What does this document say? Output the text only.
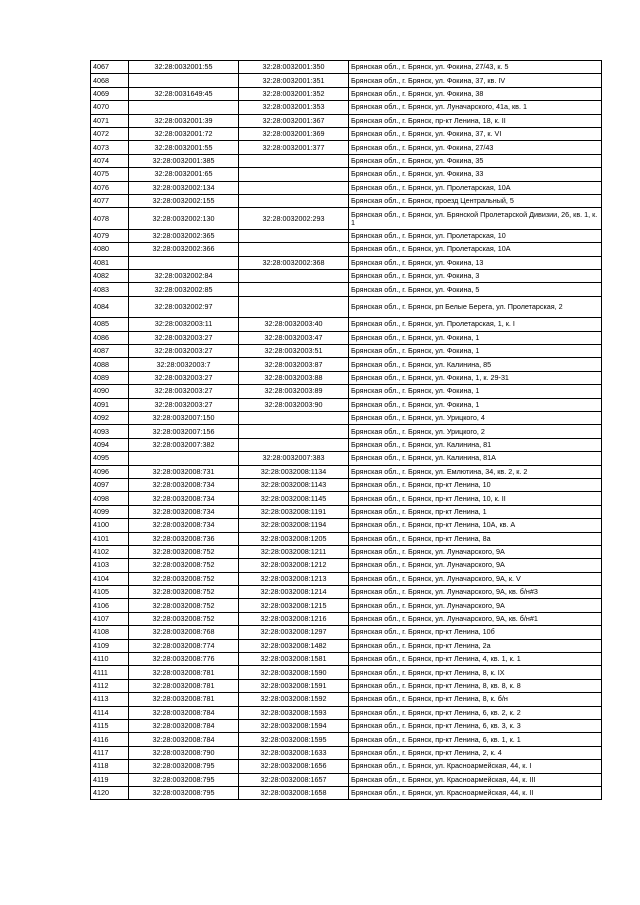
4067	32:28:0032001:55	32:28:0032001:350	Брянская обл., г. Брянск, ул. Фокина, 27/43, к. 5
4068		32:28:0032001:351	Брянская обл., г. Брянск, ул. Фокина, 37, кв. IV
4069	32:28:0031649:45	32:28:0032001:352	Брянская обл., г. Брянск, ул. Фокина, 38
4070		32:28:0032001:353	Брянская обл., г. Брянск, ул. Луначарского, 41а, кв. 1
4071	32:28:0032001:39	32:28:0032001:367	Брянская обл., г. Брянск, пр-кт Ленина, 18, к. II
4072	32:28:0032001:72	32:28:0032001:369	Брянская обл., г. Брянск, ул. Фокина, 37, к. VI
4073	32:28:0032001:55	32:28:0032001:377	Брянская обл., г. Брянск, ул. Фокина, 27/43
4074	32:28:0032001:385		Брянская обл., г. Брянск, ул. Фокина, 35
4075	32:28:0032001:65		Брянская обл., г. Брянск, ул. Фокина, 33
4076	32:28:0032002:134		Брянская обл., г. Брянск, ул. Пролетарская, 10А
4077	32:28:0032002:155		Брянская обл., г. Брянск, проезд Центральный, 5
4078	32:28:0032002:130	32:28:0032002:293	Брянская обл., г. Брянск, ул. Брянской Пролетарской Дивизии, 26, кв. 1, к. 1
4079	32:28:0032002:365		Брянская обл., г. Брянск, ул. Пролетарская, 10
4080	32:28:0032002:366		Брянская обл., г. Брянск, ул. Пролетарская, 10А
4081		32:28:0032002:368	Брянская обл., г. Брянск, ул. Фокина, 13
4082	32:28:0032002:84		Брянская обл., г. Брянск, ул. Фокина, 3
4083	32:28:0032002:85		Брянская обл., г. Брянск, ул. Фокина, 5
4084	32:28:0032002:97		Брянская обл., г. Брянск, рп Белые Берега, ул. Пролетарская, 2
4085	32:28:0032003:11	32:28:0032003:40	Брянская обл., г. Брянск, ул. Пролетарская, 1, к. I
4086	32:28:0032003:27	32:28:0032003:47	Брянская обл., г. Брянск, ул. Фокина, 1
4087	32:28:0032003:27	32:28:0032003:51	Брянская обл., г. Брянск, ул. Фокина, 1
4088	32:28:0032003:7	32:28:0032003:87	Брянская обл., г. Брянск, ул. Калинина, 85
4089	32:28:0032003:27	32:28:0032003:88	Брянская обл., г. Брянск, ул. Фокина, 1, к. 29-31
4090	32:28:0032003:27	32:28:0032003:89	Брянская обл., г. Брянск, ул. Фокина, 1
4091	32:28:0032003:27	32:28:0032003:90	Брянская обл., г. Брянск, ул. Фокина, 1
4092	32:28:0032007:150		Брянская обл., г. Брянск, ул. Урицкого, 4
4093	32:28:0032007:156		Брянская обл., г. Брянск, ул. Урицкого, 2
4094	32:28:0032007:382		Брянская обл., г. Брянск, ул. Калинина, 81
4095		32:28:0032007:383	Брянская обл., г. Брянск, ул. Калинина, 81А
4096	32:28:0032008:731	32:28:0032008:1134	Брянская обл., г. Брянск, ул. Емлютина, 34, кв. 2, к. 2
4097	32:28:0032008:734	32:28:0032008:1143	Брянская обл., г. Брянск, пр-кт Ленина, 10
4098	32:28:0032008:734	32:28:0032008:1145	Брянская обл., г. Брянск, пр-кт Ленина, 10, к. II
4099	32:28:0032008:734	32:28:0032008:1191	Брянская обл., г. Брянск, пр-кт Ленина, 1
4100	32:28:0032008:734	32:28:0032008:1194	Брянская обл., г. Брянск, пр-кт Ленина, 10А, кв. А
4101	32:28:0032008:736	32:28:0032008:1205	Брянская обл., г. Брянск, пр-кт Ленина, 8а
4102	32:28:0032008:752	32:28:0032008:1211	Брянская обл., г. Брянск, ул. Луначарского, 9А
4103	32:28:0032008:752	32:28:0032008:1212	Брянская обл., г. Брянск, ул. Луначарского, 9А
4104	32:28:0032008:752	32:28:0032008:1213	Брянская обл., г. Брянск, ул. Луначарского, 9А, к. V
4105	32:28:0032008:752	32:28:0032008:1214	Брянская обл., г. Брянск, ул. Луначарского, 9А, кв. б/н#3
4106	32:28:0032008:752	32:28:0032008:1215	Брянская обл., г. Брянск, ул. Луначарского, 9А
4107	32:28:0032008:752	32:28:0032008:1216	Брянская обл., г. Брянск, ул. Луначарского, 9А, кв. б/н#1
4108	32:28:0032008:768	32:28:0032008:1297	Брянская обл., г. Брянск, пр-кт Ленина, 10б
4109	32:28:0032008:774	32:28:0032008:1482	Брянская обл., г. Брянск, пр-кт Ленина, 2а
4110	32:28:0032008:776	32:28:0032008:1581	Брянская обл., г. Брянск, пр-кт Ленина, 4, кв. 1, к. 1
4111	32:28:0032008:781	32:28:0032008:1590	Брянская обл., г. Брянск, пр-кт Ленина, 8, к. IX
4112	32:28:0032008:781	32:28:0032008:1591	Брянская обл., г. Брянск, пр-кт Ленина, 8, кв. 8, к. 8
4113	32:28:0032008:781	32:28:0032008:1592	Брянская обл., г. Брянск, пр-кт Ленина, 8, к. б/н
4114	32:28:0032008:784	32:28:0032008:1593	Брянская обл., г. Брянск, пр-кт Ленина, 6, кв. 2, к. 2
4115	32:28:0032008:784	32:28:0032008:1594	Брянская обл., г. Брянск, пр-кт Ленина, 6, кв. 3, к. 3
4116	32:28:0032008:784	32:28:0032008:1595	Брянская обл., г. Брянск, пр-кт Ленина, 6, кв. 1, к. 1
4117	32:28:0032008:790	32:28:0032008:1633	Брянская обл., г. Брянск, пр-кт Ленина, 2, к. 4
4118	32:28:0032008:795	32:28:0032008:1656	Брянская обл., г. Брянск, ул. Красноармейская, 44, к. I
4119	32:28:0032008:795	32:28:0032008:1657	Брянская обл., г. Брянск, ул. Красноармейская, 44, к. III
4120	32:28:0032008:795	32:28:0032008:1658	Брянская обл., г. Брянск, ул. Красноармейская, 44, к. II
